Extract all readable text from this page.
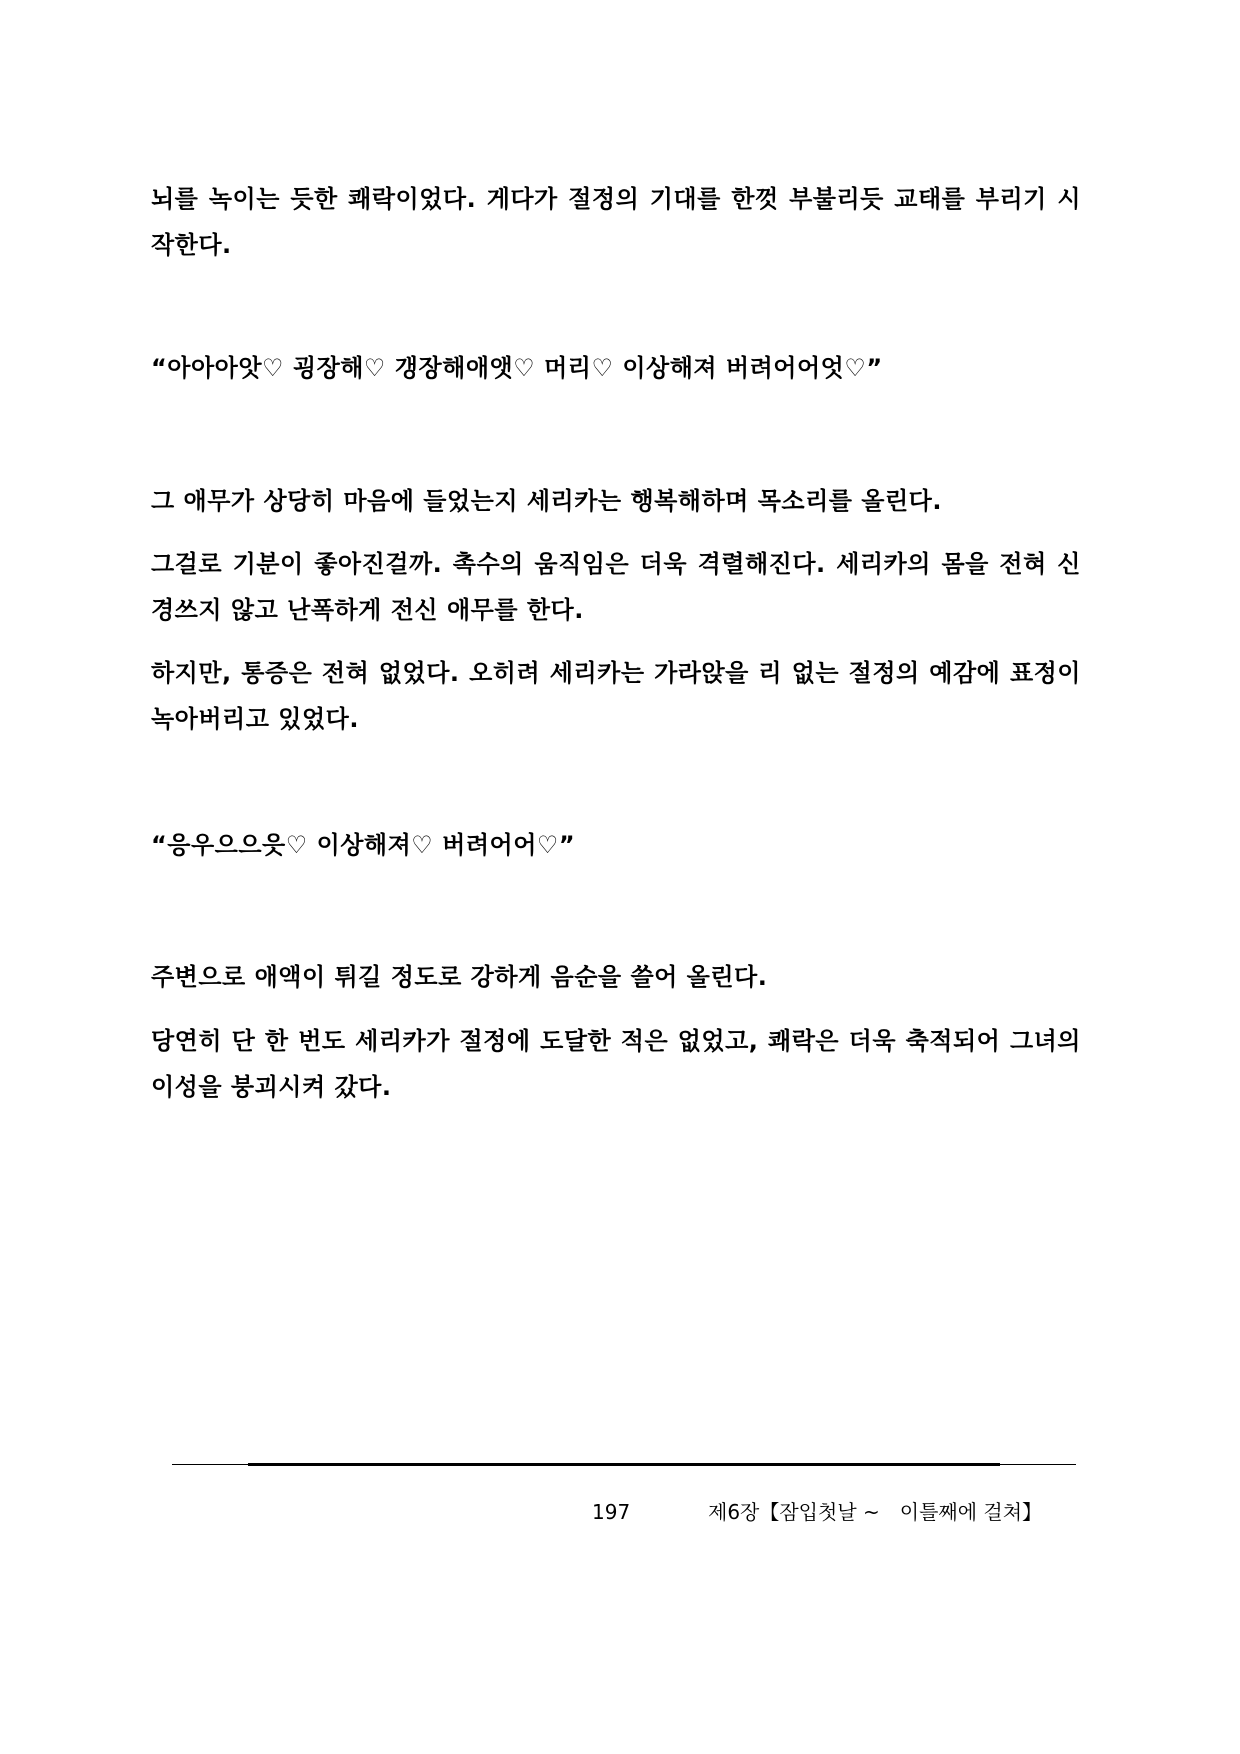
뇌를 녹이는 듯한 쾌락이었다. 게다가 절정의 기대를 한껏 부불리듯 교태를 부리기 시작한다.

“아아아앗♡ 굉장해♡ 갱장해애앳♡ 머리♡ 이상해져 버려어어엇♡”

그 애무가 상당히 마음에 들었는지 세리카는 행복해하며 목소리를 올린다.

그걸로 기분이 좋아진걸까. 촉수의 움직임은 더욱 격렬해진다. 세리카의 몸을 전혀 신경쓰지 않고 난폭하게 전신 애무를 한다.

하지만, 통증은 전혀 없었다. 오히려 세리카는 가라앉을 리 없는 절정의 예감에 표정이 녹아버리고 있었다.

“응우으으읏♡ 이상해져♡ 버려어어♡”

주변으로 애액이 튀길 정도로 강하게 음순을 쓸어 올린다.

당연히 단 한 번도 세리카가 절정에 도달한 적은 없었고, 쾌락은 더욱 축적되어 그녀의 이성을 붕괴시켜 갔다.

197	제6장【잠입첫날 ~　이틀째에 걸쳐】
